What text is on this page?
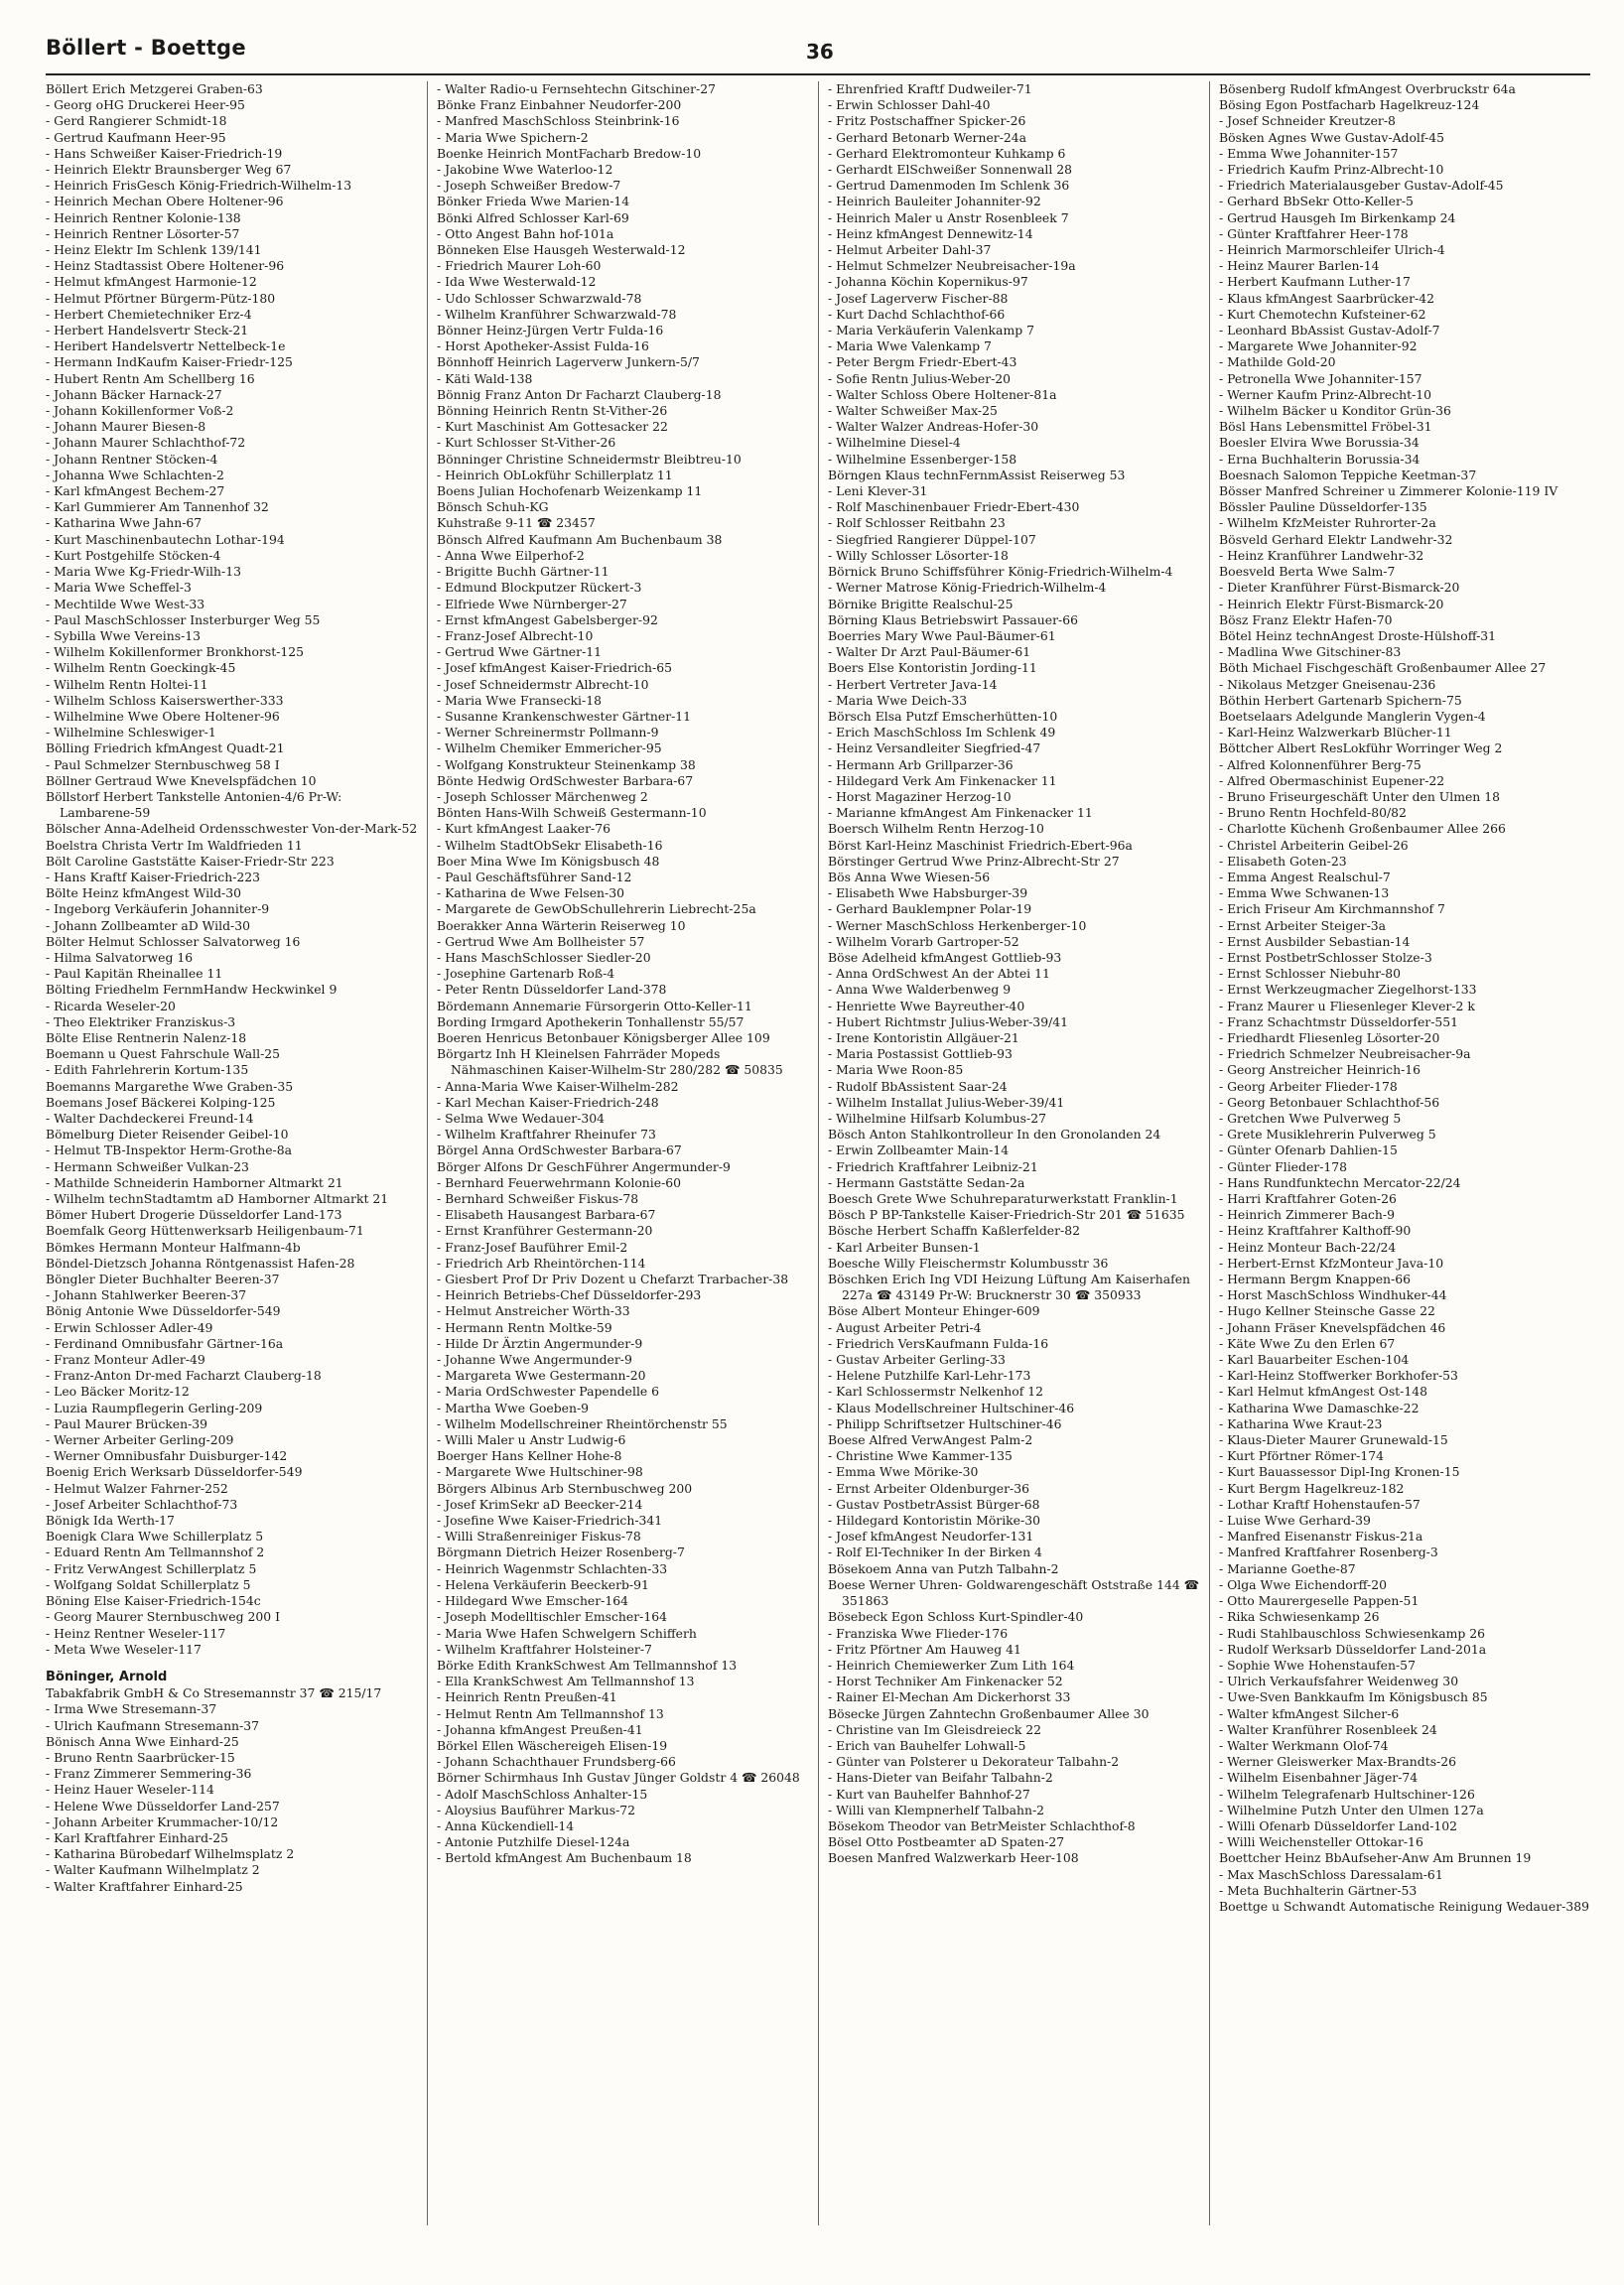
Böllert - Boettge	36
Böllert Erich Metzgerei Graben-63
- Georg oHG Druckerei Heer-95
- Gerd Rangierer Schmidt-18
- Gertrud Kaufmann Heer-95
- Hans Schweißer Kaiser-Friedrich-19
- Heinrich Elektr Braunsberger Weg 67
- Heinrich FrisGesch König-Friedrich-Wilhelm-13
- Heinrich Mechan Obere Holtener-96
- Heinrich Rentner Kolonie-138
- Heinrich Rentner Lösorter-57
- Heinz Elektr Im Schlenk 139/141
- Heinz Stadtassist Obere Holtener-96
- Helmut kfmAngest Harmonie-12
- Helmut Pförtner Bürgerm-Pütz-180
- Herbert Chemietechniker Erz-4
- Herbert Handelsvertr Steck-21
- Heribert Handelsvertr Nettelbeck-1e
- Hermann IndKaufm Kaiser-Friedr-125
- Hubert Rentn Am Schellberg 16
- Johann Bäcker Harnack-27
- Johann Kokillenformer Voß-2
- Johann Maurer Biesen-8
- Johann Maurer Schlachthof-72
- Johann Rentner Stöcken-4
- Johanna Wwe Schlachten-2
- Karl kfmAngest Bechem-27
- Karl Gummierer Am Tannenhof 32
- Katharina Wwe Jahn-67
- Kurt Maschinenbautechn Lothar-194
- Kurt Postgehilfe Stöcken-4
- Maria Wwe Kg-Friedr-Wilh-13
- Maria Wwe Scheffel-3
- Mechtilde Wwe West-33
- Paul MaschSchlosser Insterburger Weg 55
- Sybilla Wwe Vereins-13
- Wilhelm Kokillenformer Bronkhorst-125
- Wilhelm Rentn Goeckingk-45
- Wilhelm Rentn Holtei-11
- Wilhelm Schloss Kaiserswerther-333
- Wilhelmine Wwe Obere Holtener-96
- Wilhelmine Schleswiger-1
Bölling Friedrich kfmAngest Quadt-21
- Paul Schmelzer Sternbuschweg 58 I
Böllner Gertraud Wwe Knevelspfädchen 10
Böllstorf Herbert Tankstelle Antonien-4/6 Pr-W: Lambarene-59
Bölscher Anna-Adelheid Ordensschwester Von-der-Mark-52
Boelstra Christa Vertr Im Waldfrieden 11
Bölt Caroline Gaststätte Kaiser-Friedr-Str 223
- Hans Kraftf Kaiser-Friedrich-223
Bölte Heinz kfmAngest Wild-30
- Ingeborg Verkäuferin Johanniter-9
- Johann Zollbeamter aD Wild-30
Bölter Helmut Schlosser Salvatorweg 16
- Hilma Salvatorweg 16
- Paul Kapitän Rheinallee 11
Bölting Friedhelm FernmHandw Heckwinkel 9
- Ricarda Weseler-20
- Theo Elektriker Franziskus-3
Bölte Elise Rentnerin Nalenz-18
Boemann u Quest Fahrschule Wall-25
- Edith Fahrlehrerin Kortum-135
Boemanns Margarethe Wwe Graben-35
Boemans Josef Bäckerei Kolping-125
- Walter Dachdeckerei Freund-14
Bömelburg Dieter Reisender Geibel-10
- Helmut TB-Inspektor Herm-Grothe-8a
- Hermann Schweißer Vulkan-23
- Mathilde Schneiderin Hamborner Altmarkt 21
- Wilhelm technStadtamtm aD Hamborner Altmarkt 21
Bömer Hubert Drogerie Düsseldorfer Land-173
Boemfalk Georg Hüttenwerksarb Heiligenbaum-71
Bömkes Hermann Monteur Halfmann-4b
Böndel-Dietzsch Johanna Röntgenassist Hafen-28
Böngler Dieter Buchhalter Beeren-37
- Johann Stahlwerker Beeren-37
Bönig Antonie Wwe Düsseldorfer-549
- Erwin Schlosser Adler-49
- Ferdinand Omnibusfahr Gärtner-16a
- Franz Monteur Adler-49
- Franz-Anton Dr-med Facharzt Clauberg-18
- Leo Bäcker Moritz-12
- Luzia Raumpflegerin Gerling-209
- Paul Maurer Brücken-39
- Werner Arbeiter Gerling-209
- Werner Omnibusfahr Duisburger-142
Boenig Erich Werksarb Düsseldorfer-549
- Helmut Walzer Fahrner-252
- Josef Arbeiter Schlachthof-73
Bönigk Ida Werth-17
Boenigk Clara Wwe Schillerplatz 5
- Eduard Rentn Am Tellmannshof 2
- Fritz VerwAngest Schillerplatz 5
- Wolfgang Soldat Schillerplatz 5
Böning Else Kaiser-Friedrich-154c
- Georg Maurer Sternbuschweg 200 I
- Heinz Rentner Weseler-117
- Meta Wwe Weseler-117
Böninger, Arnold
Tabakfabrik GmbH & Co Stresemannstr 37 ☎ 215/17
- Irma Wwe Stresemann-37
- Ulrich Kaufmann Stresemann-37
Bönisch Anna Wwe Einhard-25
- Bruno Rentn Saarbrücker-15
- Franz Zimmerer Semmering-36
- Heinz Hauer Weseler-114
- Helene Wwe Düsseldorfer Land-257
- Johann Arbeiter Krummacher-10/12
- Karl Kraftfahrer Einhard-25
- Katharina Bürobedarf Wilhelmsplatz 2
- Walter Kaufmann Wilhelmplatz 2
- Walter Kraftfahrer Einhard-25
- Walter Radio-u Fernsehtechn Gitschiner-27
Bönke Franz Einbahner Neudorfer-200
- Manfred MaschSchloss Steinbrink-16
- Maria Wwe Spichern-2
Boenke Heinrich MontFacharb Bredow-10
- Jakobine Wwe Waterloo-12
- Joseph Schweißer Bredow-7
Bönker Frieda Wwe Marien-14
Bönki Alfred Schlosser Karl-69
- Otto Angest Bahn hof-101a
Bönneken Else Hausgeh Westerwald-12
- Friedrich Maurer Loh-60
- Ida Wwe Westerwald-12
- Udo Schlosser Schwarzwald-78
- Wilhelm Kranführer Schwarzwald-78
Bönner Heinz-Jürgen Vertr Fulda-16
- Horst Apotheker-Assist Fulda-16
Bönnhoff Heinrich Lagerverw Junkern-5/7
- Käti Wald-138
Bönnig Franz Anton Dr Facharzt Clauberg-18
Bönning Heinrich Rentn St-Vither-26
- Kurt Maschinist Am Gottesacker 22
- Kurt Schlosser St-Vither-26
Bönninger Christine Schneidermstr Bleibtreu-10
- Heinrich ObLokführ Schillerplatz 11
Boens Julian Hochofenarb Weizenkamp 11
Bönsch Schuh-KG
Kuhstraße 9-11 ☎ 23457
Bönsch Alfred Kaufmann Am Buchenbaum 38
- Anna Wwe Eilperhof-2
- Brigitte Buchh Gärtner-11
- Edmund Blockputzer Rückert-3
- Elfriede Wwe Nürnberger-27
- Ernst kfmAngest Gabelsberger-92
- Franz-Josef Albrecht-10
- Gertrud Wwe Gärtner-11
- Josef kfmAngest Kaiser-Friedrich-65
- Josef Schneidermstr Albrecht-10
- Maria Wwe Franseckі-18
- Susanne Krankenschwester Gärtner-11
- Werner Schreinermstr Pollmann-9
- Wilhelm Chemiker Emmericher-95
- Wolfgang Konstrukteur Steinenkamp 38
Bönte Hedwig OrdSchwester Barbara-67
- Joseph Schlosser Märchenweg 2
Bönten Hans-Wilh Schweiß Gestermann-10
- Kurt kfmAngest Laaker-76
- Wilhelm StadtObSekr Elisabeth-16
Boer Mina Wwe Im Königsbusch 48
- Paul Geschäftsführer Sand-12
- Katharina de Wwe Felsen-30
- Margarete de GewObSchullehrerin Liebrecht-25a
Boerakker Anna Wärterin Reiserweg 10
- Gertrud Wwe Am Bollheister 57
- Hans MaschSchlosser Siedler-20
- Josephine Gartenarb Roß-4
- Peter Rentn Düsseldorfer Land-378
Bördemann Annemarie Fürsorgerin Otto-Keller-11
Bording Irmgard Apothekerin Tonhallenstr 55/57
Boeren Henricus Betonbauer Königsberger Allee 109
Börgartz Inh H Kleinelsen Fahrräder Mopeds Nähmaschinen Kaiser-Wilhelm-Str 280/282 ☎ 50835
- Anna-Maria Wwe Kaiser-Wilhelm-282
- Karl Mechan Kaiser-Friedrich-248
- Selma Wwe Wedauer-304
- Wilhelm Kraftfahrer Rheinufer 73
Börgel Anna OrdSchwester Barbara-67
Börger Alfons Dr GeschFührer Angermunder-9
- Bernhard Feuerwehrmann Kolonie-60
- Bernhard Schweißer Fiskus-78
- Elisabeth Hausangest Barbara-67
- Ernst Kranführer Gestermann-20
- Franz-Josef Bauführer Emil-2
- Friedrich Arb Rheintörchen-114
- Giesbert Prof Dr Priv Dozent u Chefarzt Trarbacher-38
- Heinrich Betriebs-Chef Düsseldorfer-293
- Helmut Anstreicher Wörth-33
- Hermann Rentn Moltke-59
- Hilde Dr Ärztin Angermunder-9
- Johanne Wwe Angermunder-9
- Margareta Wwe Gestermann-20
- Maria OrdSchwester Papendelle 6
- Martha Wwe Goeben-9
- Wilhelm Modellschreiner Rheintörchenstr 55
- Willi Maler u Anstr Ludwig-6
Boerger Hans Kellner Hohe-8
- Margarete Wwe Hultschiner-98
Börgers Albinus Arb Sternbuschweg 200
- Josef KrimSekr aD Beecker-214
- Josefine Wwe Kaiser-Friedrich-341
- Willi Straßenreiniger Fiskus-78
Börgmann Dietrich Heizer Rosenberg-7
- Heinrich Wagenmstr Schlachten-33
- Helena Verkäuferin Beeckerb-91
- Hildegard Wwe Emscher-164
- Joseph Modelltischler Emscher-164
- Maria Wwe Hafen Schwelgern Schifferh
- Wilhelm Kraftfahrer Holsteiner-7
Börke Edith KrankSchwest Am Tellmannshof 13
- Ella KrankSchwest Am Tellmannshof 13
- Heinrich Rentn Preußen-41
- Helmut Rentn Am Tellmannshof 13
- Johanna kfmAngest Preußen-41
Börkel Ellen Wäschereigeh Elisen-19
- Johann Schachthauer Frundsberg-66
Börner Schirmhaus Inh Gustav Jünger Goldstr 4 ☎ 26048
- Adolf MaschSchloss Anhalter-15
- Aloysius Bauführer Markus-72
- Anna Kückendiell-14
- Antonie Putzhilfe Diesel-124a
- Bertold kfmAngest Am Buchenbaum 18
- Ehrenfried Kraftf Dudweiler-71
- Erwin Schlosser Dahl-40
- Fritz Postschaffner Spicker-26
- Gerhard Betonarb Werner-24a
- Gerhard Elektromonteur Kuhkamp 6
- Gerhardt ElSchweißer Sonnenwall 28
- Gertrud Damenmoden Im Schlenk 36
- Heinrich Bauleiter Johanniter-92
- Heinrich Maler u Anstr Rosenbleek 7
- Heinz kfmAngest Dennewitz-14
- Helmut Arbeiter Dahl-37
- Helmut Schmelzer Neubreisacher-19a
- Johanna Köchin Kopernikus-97
- Josef Lagerverw Fischer-88
- Kurt Dachd Schlachthof-66
- Maria Verkäuferin Valenkamp 7
- Maria Wwe Valenkamp 7
- Peter Bergm Friedr-Ebert-43
- Sofie Rentn Julius-Weber-20
- Walter Schloss Obere Holtener-81a
- Walter Schweißer Max-25
- Walter Walzer Andreas-Hofer-30
- Wilhelmine Diesel-4
- Wilhelmine Essenberger-158
Börngen Klaus technFernmAssist Reiserweg 53
- Leni Klever-31
- Rolf Maschinenbauer Friedr-Ebert-430
- Rolf Schlosser Reitbahn 23
- Siegfried Rangierer Düppel-107
- Willy Schlosser Lösorter-18
Börnick Bruno Schiffsführer König-Friedrich-Wilhelm-4
- Werner Matrose König-Friedrich-Wilhelm-4
Börnike Brigitte Realschul-25
Börning Klaus Betriebswirt Passauer-66
Boerries Mary Wwe Paul-Bäumer-61
- Walter Dr Arzt Paul-Bäumer-61
Boers Else Kontoristin Jording-11
- Herbert Vertreter Java-14
- Maria Wwe Deich-33
Börsch Elsa Putzf Emscherhütten-10
- Erich MaschSchloss Im Schlenk 49
- Heinz Versandleiter Siegfried-47
- Hermann Arb Grillparzer-36
- Hildegard Verk Am Finkenacker 11
- Horst Magaziner Herzog-10
- Marianne kfmAngest Am Finkenacker 11
Boersch Wilhelm Rentn Herzog-10
Börst Karl-Heinz Maschinist Friedrich-Ebert-96a
Börstinger Gertrud Wwe Prinz-Albrecht-Str 27
Bös Anna Wwe Wiesen-56
- Elisabeth Wwe Habsburger-39
- Gerhard Bauklempner Polar-19
- Werner MaschSchloss Herkenberger-10
- Wilhelm Vorarb Gartroper-52
Böse Adelheid kfmAngest Gottlieb-93
- Anna OrdSchwest An der Abtei 11
- Anna Wwe Walderbenweg 9
- Henriette Wwe Bayreuther-40
- Hubert Richtmstr Julius-Weber-39/41
- Irene Kontoristin Allgäuer-21
- Maria Postassist Gottlieb-93
- Maria Wwe Roon-85
- Rudolf BbAssistent Saar-24
- Wilhelm Installat Julius-Weber-39/41
- Wilhelmine Hilfsarb Kolumbus-27
Bösch Anton Stahlkontrolleur In den Gronolanden 24
- Erwin Zollbeamter Main-14
- Friedrich Kraftfahrer Leibniz-21
- Hermann Gaststätte Sedan-2a
Boesch Grete Wwe Schuhreparaturwerkstatt Franklin-1
Bösch P BP-Tankstelle Kaiser-Friedrich-Str 201 ☎ 51635
Bösche Herbert Schaffn Kaßlerfelder-82
- Karl Arbeiter Bunsen-1
Boesche Willy Fleischermstr Kolumbusstr 36
Böschken Erich Ing VDI Heizung Lüftung Am Kaiserhafen 227a ☎ 43149 Pr-W: Brucknerstr 30 ☎ 350933
Böse Albert Monteur Ehinger-609
- August Arbeiter Petri-4
- Friedrich VersKaufmann Fulda-16
- Gustav Arbeiter Gerling-33
- Helene Putzhilfe Karl-Lehr-173
- Karl Schlossermstr Nelkenhof 12
- Klaus Modellschreiner Hultschiner-46
- Philipp Schriftsetzer Hultschiner-46
Boese Alfred VerwAngest Palm-2
- Christine Wwe Kammer-135
- Emma Wwe Mörike-30
- Ernst Arbeiter Oldenburger-36
- Gustav PostbetrAssist Bürger-68
- Hildegard Kontoristin Mörike-30
- Josef kfmAngest Neudorfer-131
- Rolf El-Techniker In der Birken 4
Bösekoem Anna van Putzh Talbahn-2
Boese Werner Uhren- Goldwarengeschäft Oststraße 144 ☎ 351863
Bösebeck Egon Schloss Kurt-Spindler-40
- Franziska Wwe Flieder-176
- Fritz Pförtner Am Hauweg 41
- Heinrich Chemiewerker Zum Lith 164
- Horst Techniker Am Finkenacker 52
- Rainer El-Mechan Am Dickerhorst 33
Bösecke Jürgen Zahntechn Großenbaumer Allee 30
- Christine van Im Gleisdreieck 22
- Erich van Bauhelfer Lohwall-5
- Günter van Polsterer u Dekorateur Talbahn-2
- Hans-Dieter van Beifahr Talbahn-2
- Kurt van Bauhelfer Bahnhof-27
- Willi van Klempnerhelf Talbahn-2
Bösekom Theodor van BetrMeister Schlachthof-8
Bösel Otto Postbeamter aD Spaten-27
Boesen Manfred Walzwerkarb Heer-108
Bösenberg Rudolf kfmAngest Overbruckstr 64a
Bösing Egon Postfacharb Hagelkreuz-124
- Josef Schneider Kreutzer-8
Bösken Agnes Wwe Gustav-Adolf-45
- Emma Wwe Johanniter-157
- Friedrich Kaufm Prinz-Albrecht-10
- Friedrich Materialausgeber Gustav-Adolf-45
- Gerhard BbSekr Otto-Keller-5
- Gertrud Hausgeh Im Birkenkamp 24
- Günter Kraftfahrer Heer-178
- Heinrich Marmorschleifer Ulrich-4
- Heinz Maurer Barlen-14
- Herbert Kaufmann Luther-17
- Klaus kfmAngest Saarbrücker-42
- Kurt Chemotechn Kufsteiner-62
- Leonhard BbAssist Gustav-Adolf-7
- Margarete Wwe Johanniter-92
- Mathilde Gold-20
- Petronella Wwe Johanniter-157
- Werner Kaufm Prinz-Albrecht-10
- Wilhelm Bäcker u Konditor Grün-36
Bösl Hans Lebensmittel Fröbel-31
Boesler Elvira Wwe Borussia-34
- Erna Buchhalterin Borussia-34
Boesnach Salomon Teppiche Keetman-37
Bösser Manfred Schreiner u Zimmerer Kolonie-119 IV
Bössler Pauline Düsseldorfer-135
- Wilhelm KfzMeister Ruhrorter-2a
Bösveld Gerhard Elektr Landwehr-32
- Heinz Kranführer Landwehr-32
Boesveld Berta Wwe Salm-7
- Dieter Kranführer Fürst-Bismarck-20
- Heinrich Elektr Fürst-Bismarck-20
Bösz Franz Elektr Hafen-70
Bötel Heinz technAngest Droste-Hülshoff-31
- Madlina Wwe Gitschiner-83
Böth Michael Fischgeschäft Großenbaumer Allee 27
- Nikolaus Metzger Gneisenau-236
Böthin Herbert Gartenarb Spichern-75
Boetselaars Adelgunde Manglerin Vygen-4
- Karl-Heinz Walzwerkarb Blücher-11
Böttcher Albert ResLokführ Worringer Weg 2
- Alfred Kolonnenführer Berg-75
- Alfred Obermaschinist Eupener-22
- Bruno Friseurgeschäft Unter den Ulmen 18
- Bruno Rentn Hochfeld-80/82
- Charlotte Küchenh Großenbaumer Allee 266
- Christel Arbeiterin Geibel-26
- Elisabeth Goten-23
- Emma Angest Realschul-7
- Emma Wwe Schwanen-13
- Erich Friseur Am Kirchmannshof 7
- Ernst Arbeiter Steiger-3a
- Ernst Ausbilder Sebastian-14
- Ernst PostbetrSchlosser Stolze-3
- Ernst Schlosser Niebuhr-80
- Ernst Werkzeugmacher Ziegelhorst-133
- Franz Maurer u Fliesenleger Klever-2 k
- Franz Schachtmstr Düsseldorfer-551
- Friedhardt Fliesenleg Lösorter-20
- Friedrich Schmelzer Neubreisacher-9a
- Georg Anstreicher Heinrich-16
- Georg Arbeiter Flieder-178
- Georg Betonbauer Schlachthof-56
- Gretchen Wwe Pulverweg 5
- Grete Musiklehrerin Pulverweg 5
- Günter Ofenarb Dahlien-15
- Günter Flieder-178
- Hans Rundfunktechn Mercator-22/24
- Harri Kraftfahrer Goten-26
- Heinrich Zimmerer Bach-9
- Heinz Kraftfahrer Kalthoff-90
- Heinz Monteur Bach-22/24
- Herbert-Ernst KfzMonteur Java-10
- Hermann Bergm Knappen-66
- Horst MaschSchloss Windhuker-44
- Hugo Kellner Steinsche Gasse 22
- Johann Fräser Knevelspfädchen 46
- Käte Wwe Zu den Erlen 67
- Karl Bauarbeiter Eschen-104
- Karl-Heinz Stoffwerker Borkhofer-53
- Karl Helmut kfmAngest Ost-148
- Katharina Wwe Damaschke-22
- Katharina Wwe Kraut-23
- Klaus-Dieter Maurer Grunewald-15
- Kurt Pförtner Römer-174
- Kurt Bauassessor Dipl-Ing Kronen-15
- Kurt Bergm Hagelkreuz-182
- Lothar Kraftf Hohenstaufen-57
- Luise Wwe Gerhard-39
- Manfred Eisenanstr Fiskus-21a
- Manfred Kraftfahrer Rosenberg-3
- Marianne Goethe-87
- Olga Wwe Eichendorff-20
- Otto Maurergeselle Pappen-51
- Rika Schwiesenkamp 26
- Rudi Stahlbauschloss Schwiesenkamp 26
- Rudolf Werksarb Düsseldorfer Land-201a
- Sophie Wwe Hohenstaufen-57
- Ulrich Verkaufsfahrer Weidenweg 30
- Uwe-Sven Bankkaufm Im Königsbusch 85
- Walter kfmAngest Silcher-6
- Walter Kranführer Rosenbleek 24
- Walter Werkmann Olof-74
- Werner Gleiswerker Max-Brandts-26
- Wilhelm Eisenbahner Jäger-74
- Wilhelm Telegrafenarb Hultschiner-126
- Wilhelmine Putzh Unter den Ulmen 127a
- Willi Ofenarb Düsseldorfer Land-102
- Willi Weichensteller Ottokar-16
Boettcher Heinz BbAufseher-Anw Am Brunnen 19
- Max MaschSchloss Daressalam-61
- Meta Buchhalterin Gärtner-53
Boettge u Schwandt Automatische Reinigung Wedauer-389
